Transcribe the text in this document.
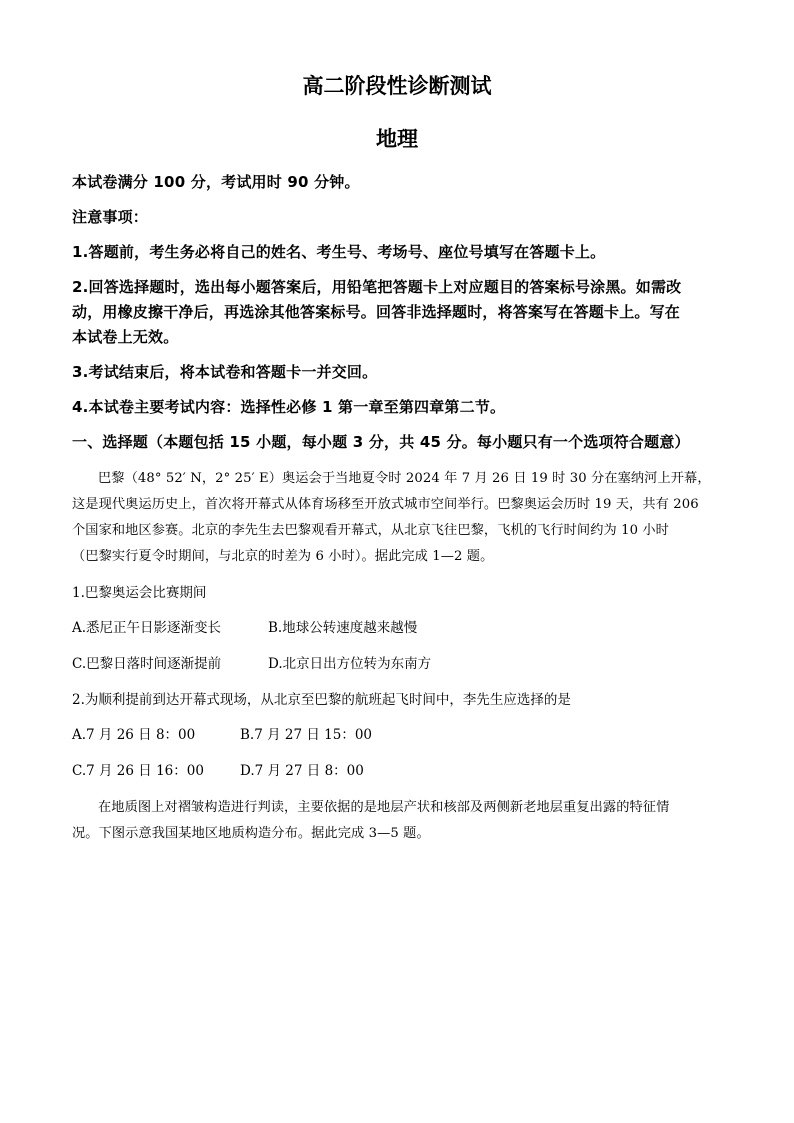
高二阶段性诊断测试
地理
本试卷满分 100 分，考试用时 90 分钟。
注意事项：
1.答题前，考生务必将自己的姓名、考生号、考场号、座位号填写在答题卡上。
2.回答选择题时，选出每小题答案后，用铅笔把答题卡上对应题目的答案标号涂黑。如需改
动，用橡皮擦干净后，再选涂其他答案标号。回答非选择题时，将答案写在答题卡上。写在
本试卷上无效。
3.考试结束后，将本试卷和答题卡一并交回。
4.本试卷主要考试内容：选择性必修 1 第一章至第四章第二节。
一、选择题（本题包括 15 小题，每小题 3 分，共 45 分。每小题只有一个选项符合题意）
巴黎（48° 52′ N，2° 25′ E）奥运会于当地夏令时 2024 年 7 月 26 日 19 时 30 分在塞纳河上开幕，
这是现代奥运历史上，首次将开幕式从体育场移至开放式城市空间举行。巴黎奥运会历时 19 天，共有 206
个国家和地区参赛。北京的李先生去巴黎观看开幕式，从北京飞往巴黎，飞机的飞行时间约为 10 小时
（巴黎实行夏令时期间，与北京的时差为 6 小时）。据此完成 1—2 题。
1.巴黎奥运会比赛期间
A.悉尼正午日影逐渐变长	B.地球公转速度越来越慢
C.巴黎日落时间逐渐提前	D.北京日出方位转为东南方
2.为顺利提前到达开幕式现场，从北京至巴黎的航班起飞时间中，李先生应选择的是
A.7 月 26 日 8：00	B.7 月 27 日 15：00
C.7 月 26 日 16：00	D.7 月 27 日 8：00
在地质图上对褶皱构造进行判读，主要依据的是地层产状和核部及两侧新老地层重复出露的特征情
况。下图示意我国某地区地质构造分布。据此完成 3—5 题。
